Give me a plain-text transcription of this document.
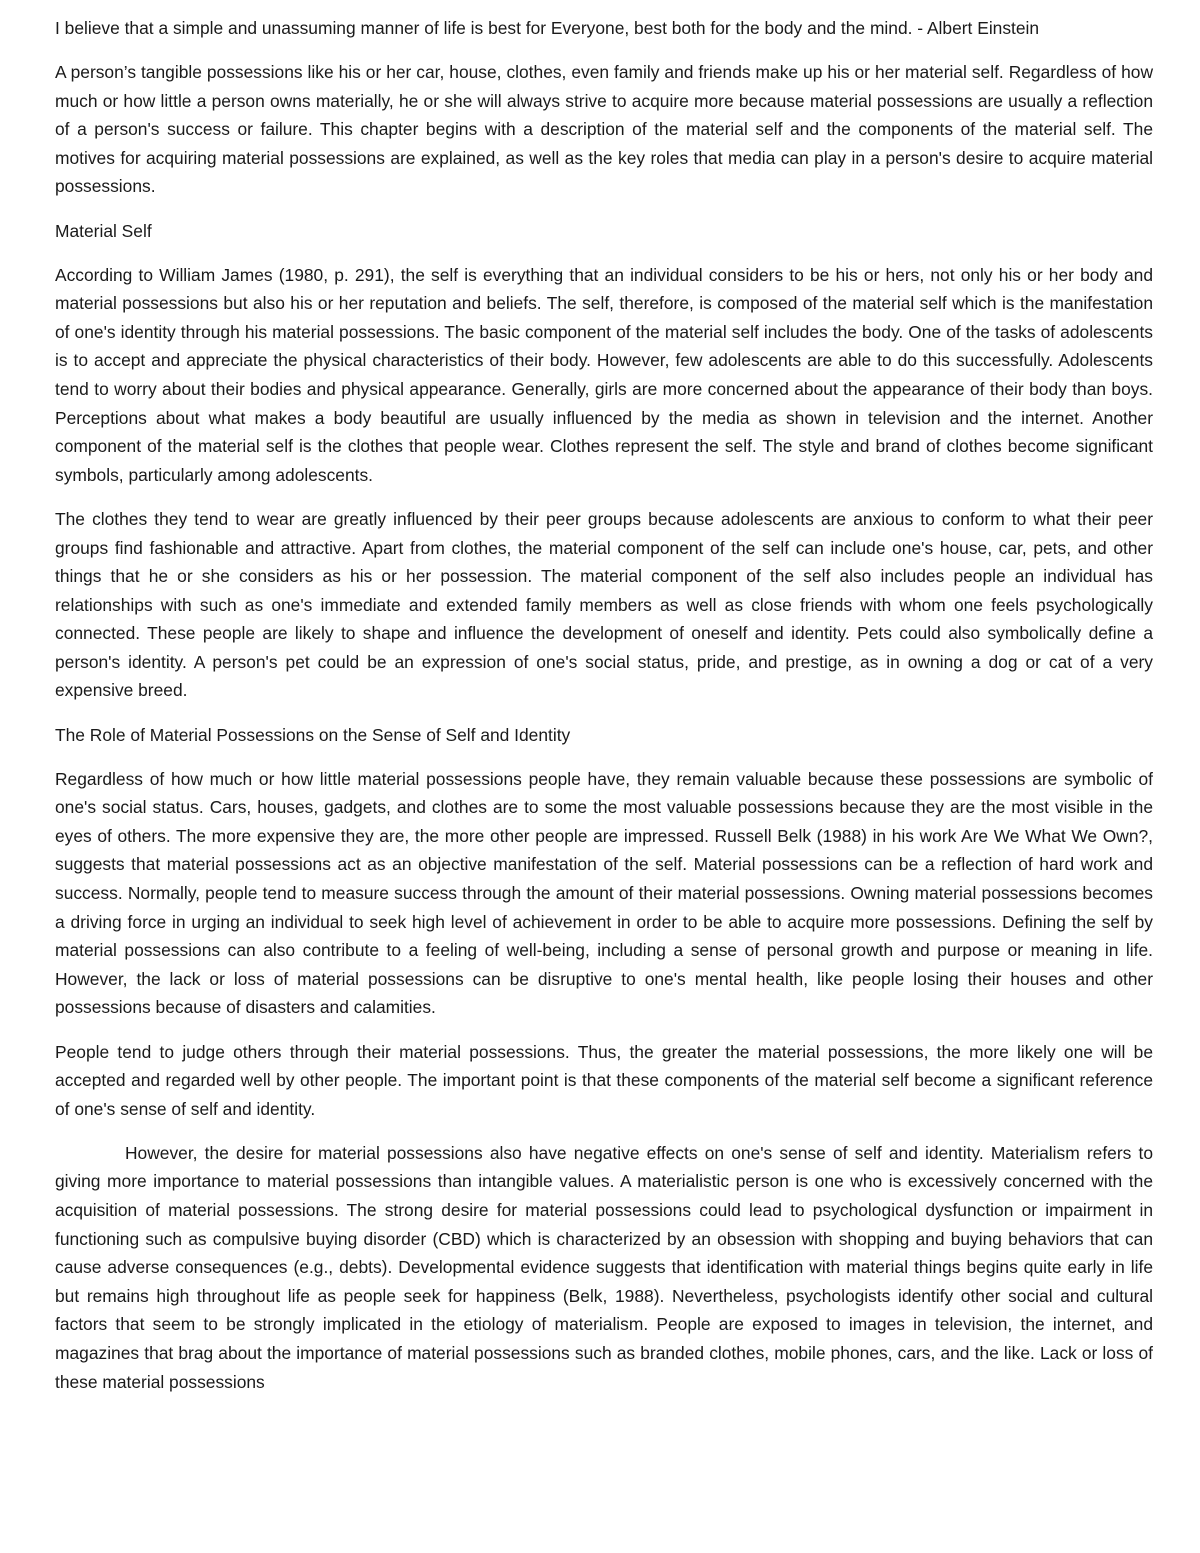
I believe that a simple and unassuming manner of life is best for Everyone, best both for the body and the mind. - Albert Einstein

A person’s tangible possessions like his or her car, house, clothes, even family and friends make up his or her material self. Regardless of how much or how little a person owns materially, he or she will always strive to acquire more because material possessions are usually a reflection of a person's success or failure. This chapter begins with a description of the material self and the components of the material self. The motives for acquiring material possessions are explained, as well as the key roles that media can play in a person's desire to acquire material possessions.

Material Self

According to William James (1980, p. 291), the self is everything that an individual considers to be his or hers, not only his or her body and material possessions but also his or her reputation and beliefs. The self, therefore, is composed of the material self which is the manifestation of one's identity through his material possessions. The basic component of the material self includes the body. One of the tasks of adolescents is to accept and appreciate the physical characteristics of their body. However, few adolescents are able to do this successfully. Adolescents tend to worry about their bodies and physical appearance. Generally, girls are more concerned about the appearance of their body than boys. Perceptions about what makes a body beautiful are usually influenced by the media as shown in television and the internet. Another component of the material self is the clothes that people wear. Clothes represent the self. The style and brand of clothes become significant symbols, particularly among adolescents.

The clothes they tend to wear are greatly influenced by their peer groups because adolescents are anxious to conform to what their peer groups find fashionable and attractive. Apart from clothes, the material component of the self can include one's house, car, pets, and other things that he or she considers as his or her possession. The material component of the self also includes people an individual has relationships with such as one's immediate and extended family members as well as close friends with whom one feels psychologically connected. These people are likely to shape and influence the development of oneself and identity. Pets could also symbolically define a person's identity. A person's pet could be an expression of one's social status, pride, and prestige, as in owning a dog or cat of a very expensive breed.

The Role of Material Possessions on the Sense of Self and Identity

Regardless of how much or how little material possessions people have, they remain valuable because these possessions are symbolic of one's social status. Cars, houses, gadgets, and clothes are to some the most valuable possessions because they are the most visible in the eyes of others. The more expensive they are, the more other people are impressed. Russell Belk (1988) in his work Are We What We Own?, suggests that material possessions act as an objective manifestation of the self. Material possessions can be a reflection of hard work and success. Normally, people tend to measure success through the amount of their material possessions. Owning material possessions becomes a driving force in urging an individual to seek high level of achievement in order to be able to acquire more possessions. Defining the self by material possessions can also contribute to a feeling of well-being, including a sense of personal growth and purpose or meaning in life. However, the lack or loss of material possessions can be disruptive to one's mental health, like people losing their houses and other possessions because of disasters and calamities.

People tend to judge others through their material possessions. Thus, the greater the material possessions, the more likely one will be accepted and regarded well by other people. The important point is that these components of the material self become a significant reference of one's sense of self and identity.

However, the desire for material possessions also have negative effects on one's sense of self and identity. Materialism refers to giving more importance to material possessions than intangible values. A materialistic person is one who is excessively concerned with the acquisition of material possessions. The strong desire for material possessions could lead to psychological dysfunction or impairment in functioning such as compulsive buying disorder (CBD) which is characterized by an obsession with shopping and buying behaviors that can cause adverse consequences (e.g., debts). Developmental evidence suggests that identification with material things begins quite early in life but remains high throughout life as people seek for happiness (Belk, 1988). Nevertheless, psychologists identify other social and cultural factors that seem to be strongly implicated in the etiology of materialism. People are exposed to images in television, the internet, and magazines that brag about the importance of material possessions such as branded clothes, mobile phones, cars, and the like. Lack or loss of these material possessions
